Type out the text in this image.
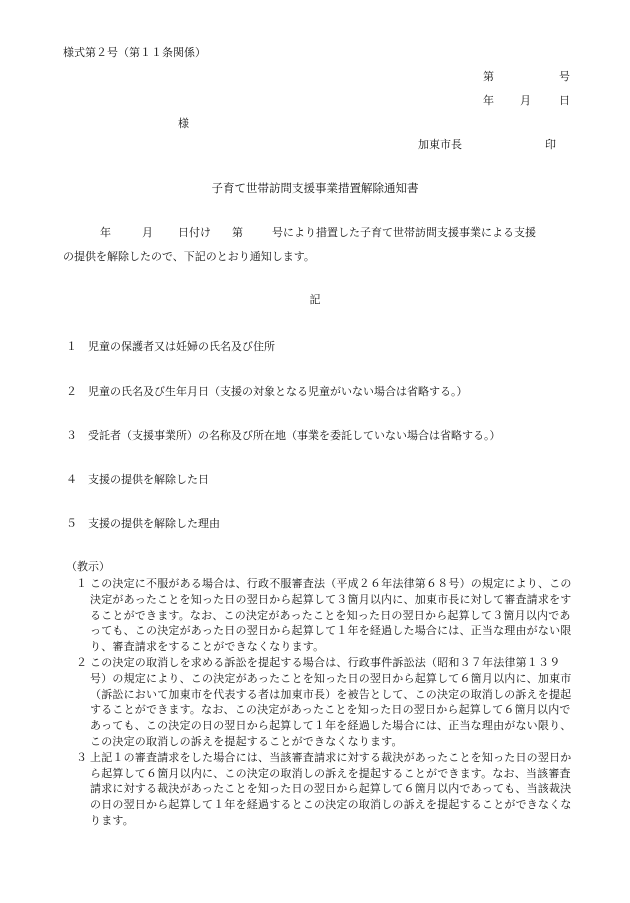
様式第２号（第１１条関係）
第	号
年 月	日
様
加東市長	印
子育て世帯訪問支援事業措置解除通知書
年	月 日付け 第	号により措置した子育て世帯訪問支援事業による支援
の提供を解除したので、下記のとおり通知します。
記
１ 児童の保護者又は妊婦の氏名及び住所
２ 児童の氏名及び生年月日（支援の対象となる児童がいない場合は省略する。）
３ 受託者（支援事業所）の名称及び所在地（事業を委託していない場合は省略する。）
４ 支援の提供を解除した日
５ 支援の提供を解除した理由
（教示）

１ この決定に不服がある場合は、行政不服審査法（平成２６年法律第６８号）の規定により、この決定があったことを知った日の翌日から起算して３箇月以内に、加東市長に対して審査請求をすることができます。なお、この決定があったことを知った日の翌日から起算して３箇月以内であっても、この決定があった日の翌日から起算して１年を経過した場合には、正当な理由がない限り、審査請求をすることができなくなります。

２ この決定の取消しを求める訴訟を提起する場合は、行政事件訴訟法（昭和３７年法律第１３９号）の規定により、この決定があったことを知った日の翌日から起算して６箇月以内に、加東市（訴訟において加東市を代表する者は加東市長）を被告として、この決定の取消しの訴えを提起することができます。なお、この決定があったことを知った日の翌日から起算して６箇月以内であっても、この決定の日の翌日から起算して１年を経過した場合には、正当な理由がない限り、この決定の取消しの訴えを提起することができなくなります。

３ 上記１の審査請求をした場合には、当該審査請求に対する裁決があったことを知った日の翌日から起算して６箇月以内に、この決定の取消しの訴えを提起することができます。なお、当該審査請求に対する裁決があったことを知った日の翌日から起算して６箇月以内であっても、当該裁決の日の翌日から起算して１年を経過するとこの決定の取消しの訴えを提起することができなくなります。
